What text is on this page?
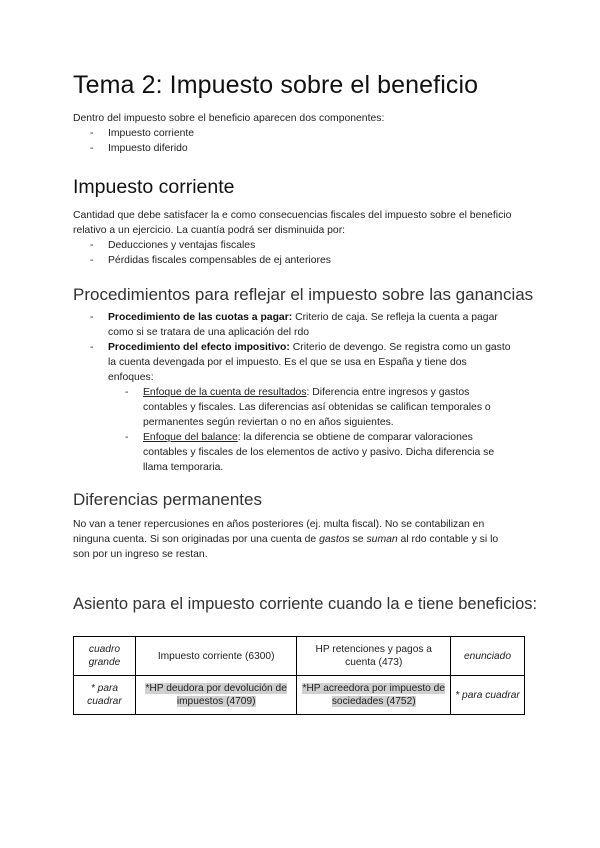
Tema 2: Impuesto sobre el beneficio

Dentro del impuesto sobre el beneficio aparecen dos componentes:

- Impuesto corriente
- Impuesto diferido
Impuesto corriente

Cantidad que debe satisfacer la e como consecuencias fiscales del impuesto sobre el beneficio relativo a un ejercicio. La cuantía podrá ser disminuida por:

- Deducciones y ventajas fiscales
- Pérdidas fiscales compensables de ej anteriores
Procedimientos para reflejar el impuesto sobre las ganancias
- Procedimiento de las cuotas a pagar: Criterio de caja. Se refleja la cuenta a pagar como si se tratara de una aplicación del rdo
- Procedimiento del efecto impositivo: Criterio de devengo. Se registra como un gasto la cuenta devengada por el impuesto. Es el que se usa en España y tiene dos enfoques:
- Enfoque de la cuenta de resultados: Diferencia entre ingresos y gastos contables y fiscales. Las diferencias así obtenidas se califican temporales o permanentes según reviertan o no en años siguientes.
- Enfoque del balance: la diferencia se obtiene de comparar valoraciones contables y fiscales de los elementos de activo y pasivo. Dicha diferencia se llama temporaria.
Diferencias permanentes

No van a tener repercusiones en años posteriores (ej. multa fiscal). No se contabilizan en ninguna cuenta. Si son originadas por una cuenta de gastos se suman al rdo contable y si lo son por un ingreso se restan.

Asiento para el impuesto corriente cuando la e tiene beneficios:
cuadro grande	Impuesto corriente (6300)	HP retenciones y pagos a cuenta (473)	enunciado
* para cuadrar	*HP deudora por devolución de impuestos (4709)	*HP acreedora por impuesto de sociedades (4752)	* para cuadrar
